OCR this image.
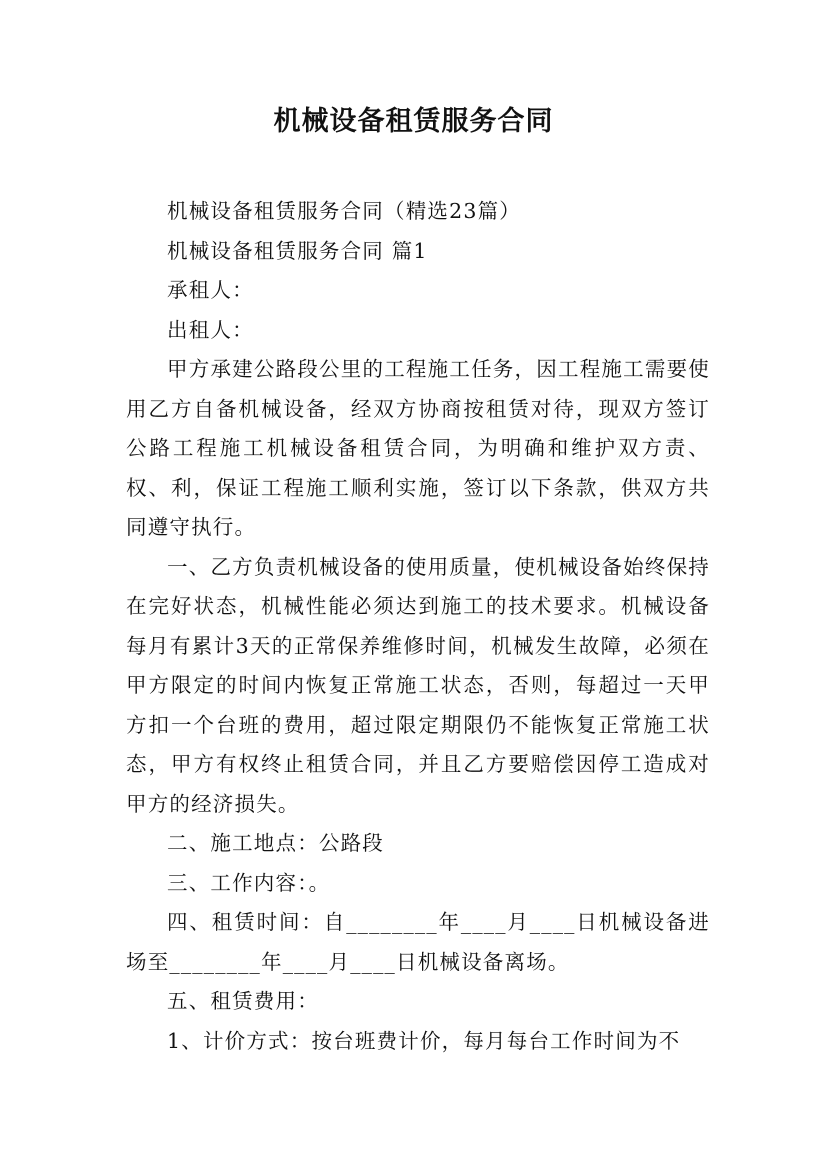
机械设备租赁服务合同

机械设备租赁服务合同（精选23篇）

机械设备租赁服务合同 篇1

承租人：

出租人：

甲方承建公路段公里的工程施工任务，因工程施工需要使用乙方自备机械设备，经双方协商按租赁对待，现双方签订公路工程施工机械设备租赁合同，为明确和维护双方责、权、利，保证工程施工顺利实施，签订以下条款，供双方共同遵守执行。

一、乙方负责机械设备的使用质量，使机械设备始终保持在完好状态，机械性能必须达到施工的技术要求。机械设备每月有累计3天的正常保养维修时间，机械发生故障，必须在甲方限定的时间内恢复正常施工状态，否则，每超过一天甲方扣一个台班的费用，超过限定期限仍不能恢复正常施工状态，甲方有权终止租赁合同，并且乙方要赔偿因停工造成对甲方的经济损失。

二、施工地点：公路段

三、工作内容：。

四、租赁时间：自________年____月____日机械设备进场至________年____月____日机械设备离场。

五、租赁费用：

1、计价方式：按台班费计价，每月每台工作时间为不
